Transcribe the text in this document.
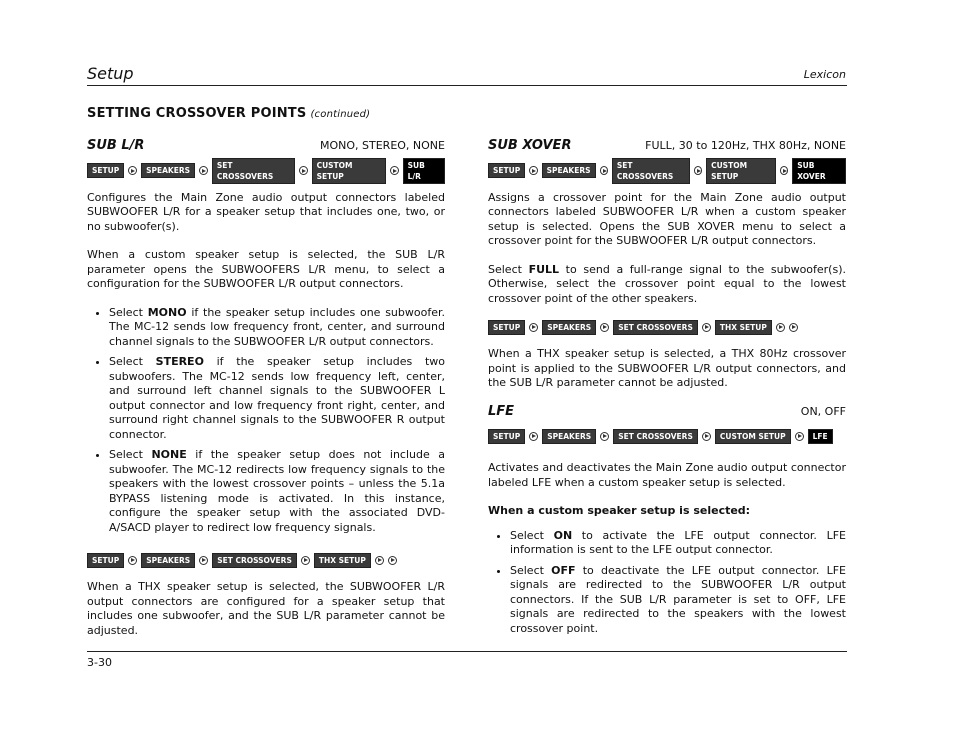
Setup	Lexicon
SETTING CROSSOVER POINTS (continued)
SUB L/R	MONO, STEREO, NONE
SETUP	SPEAKERS
SET CROSSOVERS
CUSTOM SETUP
SUB L/R

Configures the Main Zone audio output connectors labeled SUBWOOFER L/R for a speaker setup that includes one, two, or no subwoofer(s).

When a custom speaker setup is selected, the SUB L/R parameter opens the SUBWOOFERS L/R menu, to select a configuration for the SUBWOOFER L/R output connectors.

• Select MONO if the speaker setup includes one subwoofer. The MC-12 sends low frequency front, center, and surround channel signals to the SUBWOOFER L/R output connectors.
• Select STEREO if the speaker setup includes two subwoofers. The MC-12 sends low frequency left, center, and surround left channel signals to the SUBWOOFER L output connector and low frequency front right, center, and surround right channel signals to the SUBWOOFER R output connector.
• Select NONE if the speaker setup does not include a subwoofer. The MC-12 redirects low frequency signals to the speakers with the lowest crossover points – unless the 5.1a BYPASS listening mode is activated. In this instance, configure the speaker setup with the associated DVD-A/SACD player to redirect low frequency signals.
SETUP	SPEAKERS	SET CROSSOVERS	THX SETUP

When a THX speaker setup is selected, the SUBWOOFER L/R output connectors are configured for a speaker setup that includes one subwoofer, and the SUB L/R parameter cannot be adjusted.

SUB XOVER	FULL, 30 to 120Hz, THX 80Hz, NONE
SETUP	SPEAKERS
SET CROSSOVERS
CUSTOM SETUP
SUB XOVER

Assigns a crossover point for the Main Zone audio output connectors labeled SUBWOOFER L/R when a custom speaker setup is selected. Opens the SUB XOVER menu to select a crossover point for the SUBWOOFER L/R output connectors.

Select FULL to send a full-range signal to the subwoofer(s). Otherwise, select the crossover point equal to the lowest crossover point of the other speakers.

SETUP	SPEAKERS	SET CROSSOVERS	THX SETUP

When a THX speaker setup is selected, a THX 80Hz crossover point is applied to the SUBWOOFER L/R output connectors, and the SUB L/R parameter cannot be adjusted.

LFE	ON, OFF
SETUP	SPEAKERS	SET CROSSOVERS	CUSTOM SETUP	LFE

Activates and deactivates the Main Zone audio output connector labeled LFE when a custom speaker setup is selected.

When a custom speaker setup is selected:
• Select ON to activate the LFE output connector. LFE information is sent to the LFE output connector.
• Select OFF to deactivate the LFE output connector. LFE signals are redirected to the SUBWOOFER L/R output connectors. If the SUB L/R parameter is set to OFF, LFE signals are redirected to the speakers with the lowest crossover point.
3-30
